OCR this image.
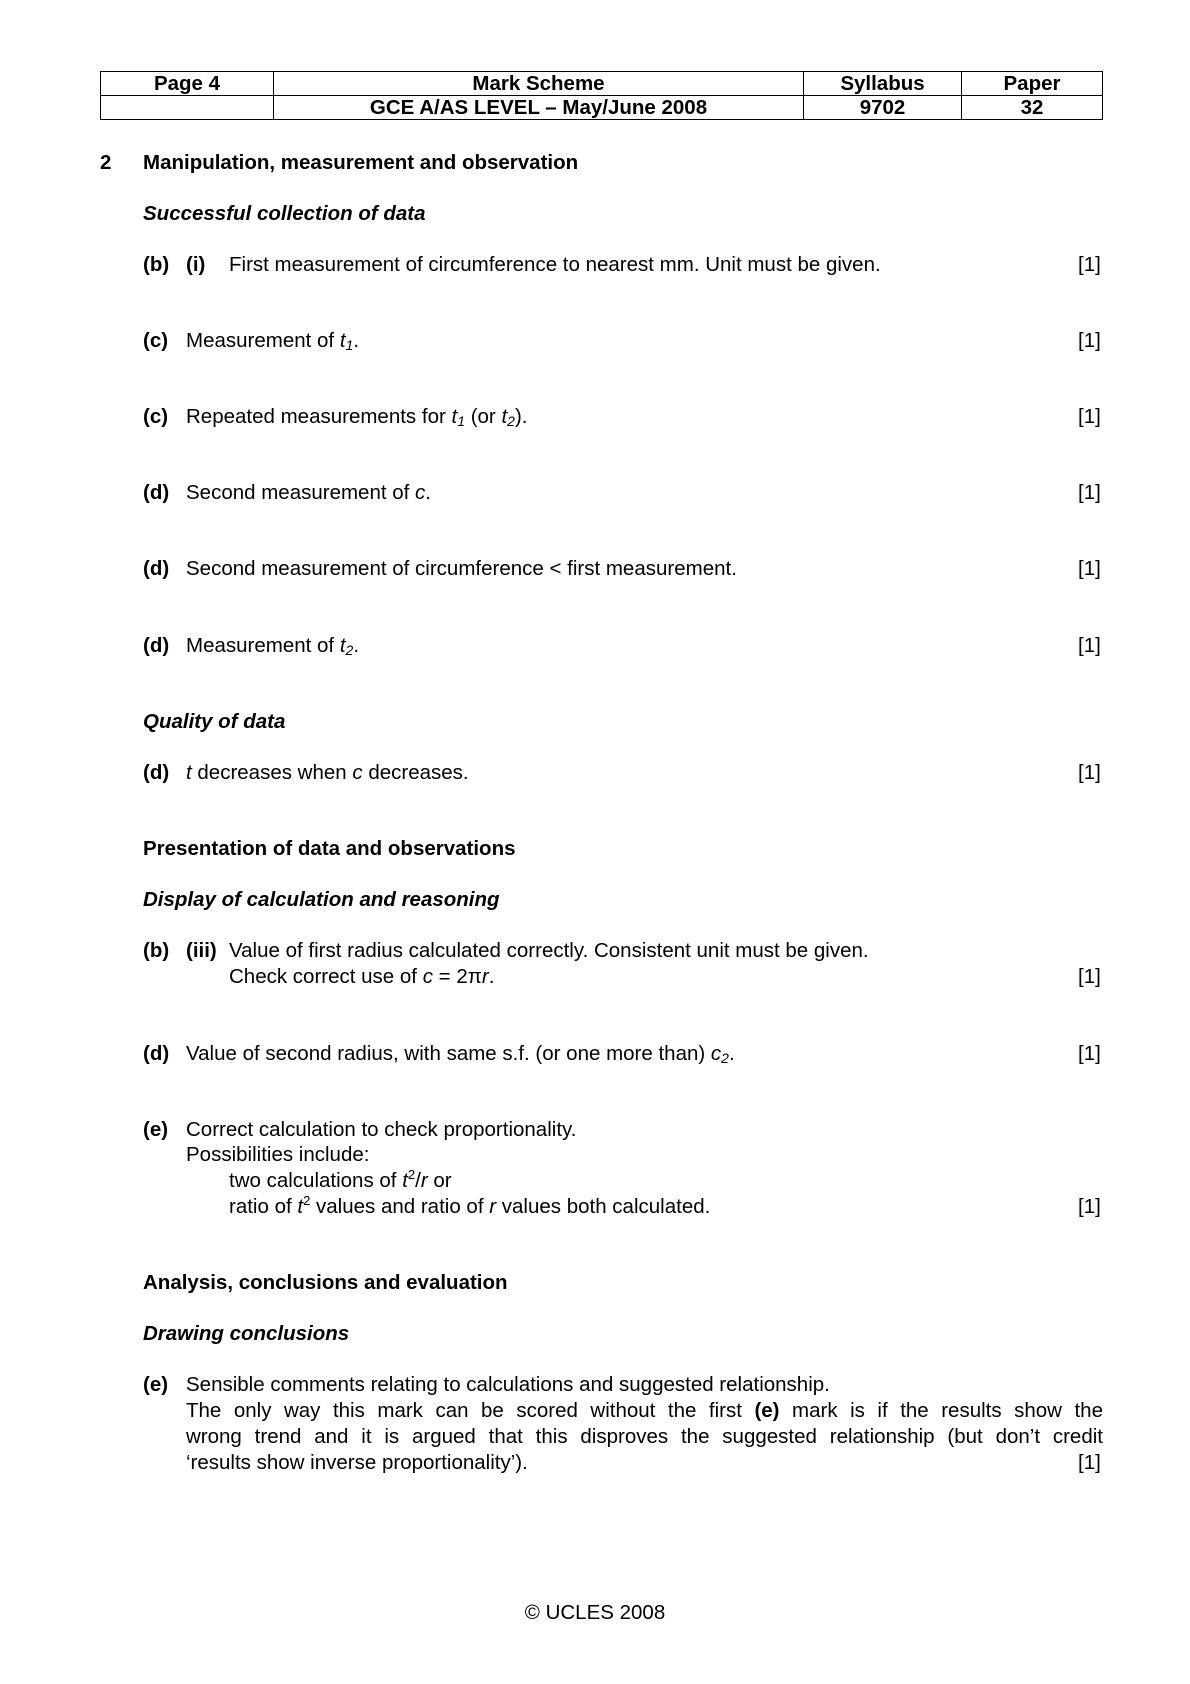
Page 4	Mark Scheme	Syllabus	Paper
	GCE A/AS LEVEL – May/June 2008	9702	32
2 Manipulation, measurement and observation
Successful collection of data
(b) (i) First measurement of circumference to nearest mm. Unit must be given.	[1]
(c) Measurement of $t_1$.	[1]
(c) Repeated measurements for $t_1$ (or $t_2$).	[1]
(d) Second measurement of c.	[1]
(d) Second measurement of circumference < first measurement.	[1]
(d) Measurement of $t_2$.	[1]
Quality of data
(d) t decreases when c decreases.	[1]
Presentation of data and observations
Display of calculation and reasoning
(b) (iii) Value of first radius calculated correctly. Consistent unit must be given.
Check correct use of c = 2πr.	[1]
(d) Value of second radius, with same s.f. (or one more than) $c_2$.	[1]
(e) Correct calculation to check proportionality.
Possibilities include:
two calculations of $t^2/r$ or
ratio of $t^2$ values and ratio of r values both calculated.	[1]
Analysis, conclusions and evaluation
Drawing conclusions
(e) Sensible comments relating to calculations and suggested relationship.
The only way this mark can be scored without the first (e) mark is if the results show the
wrong trend and it is argued that this disproves the suggested relationship (but don’t credit
‘results show inverse proportionality’).	[1]
© UCLES 2008
